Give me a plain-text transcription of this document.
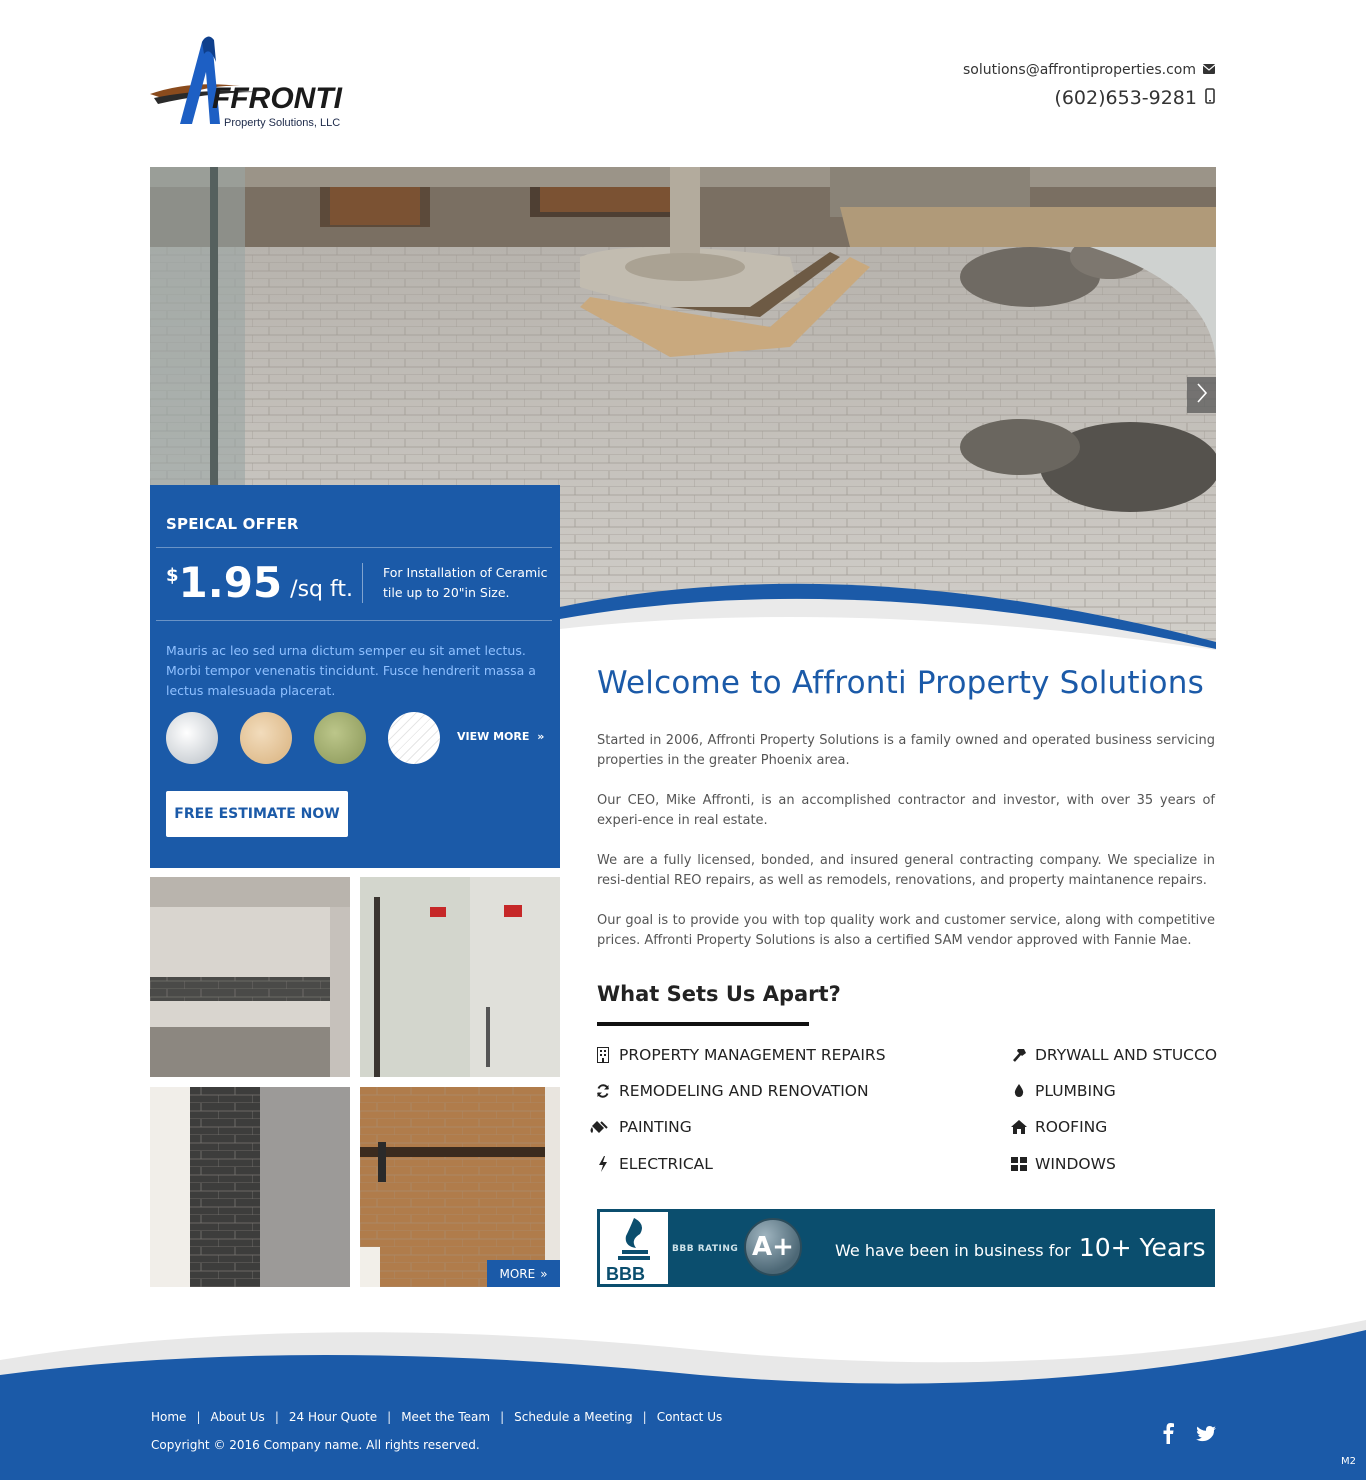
FFRONTI
Property Solutions, LLC
solutions@affrontiproperties.com
(602)653-9281
SPEICAL OFFER
$ 1.95 /sq ft.
For Installation of Ceramic tile up to 20"in Size.
Mauris ac leo sed urna dictum semper eu sit amet lectus. Morbi tempor venenatis tincidunt. Fusce hendrerit massa a lectus malesuada placerat.
VIEW MORE »
FREE ESTIMATE NOW
MORE »
Welcome to Affronti Property Solutions

Started in 2006, Affronti Property Solutions is a family owned and operated business servicing properties in the greater Phoenix area.

Our CEO, Mike Affronti, is an accomplished contractor and investor, with over 35 years of experi-ence in real estate.

We are a fully licensed, bonded, and insured general contracting company. We specialize in resi-dential REO repairs, as well as remodels, renovations, and property maintanence repairs.

Our goal is to provide you with top quality work and customer service, along with competitive prices. Affronti Property Solutions is also a certified SAM vendor approved with Fannie Mae.

What Sets Us Apart?
PROPERTY MANAGEMENT REPAIRS
REMODELING AND RENOVATION
PAINTING
ELECTRICAL
DRYWALL AND STUCCO
PLUMBING
ROOFING
WINDOWS
BBB
BBB RATING A+	We have been in business for 10+ Years
Home | About Us | 24 Hour Quote | Meet the Team | Schedule a Meeting | Contact Us
Copyright © 2016 Company name. All rights reserved.
M2
